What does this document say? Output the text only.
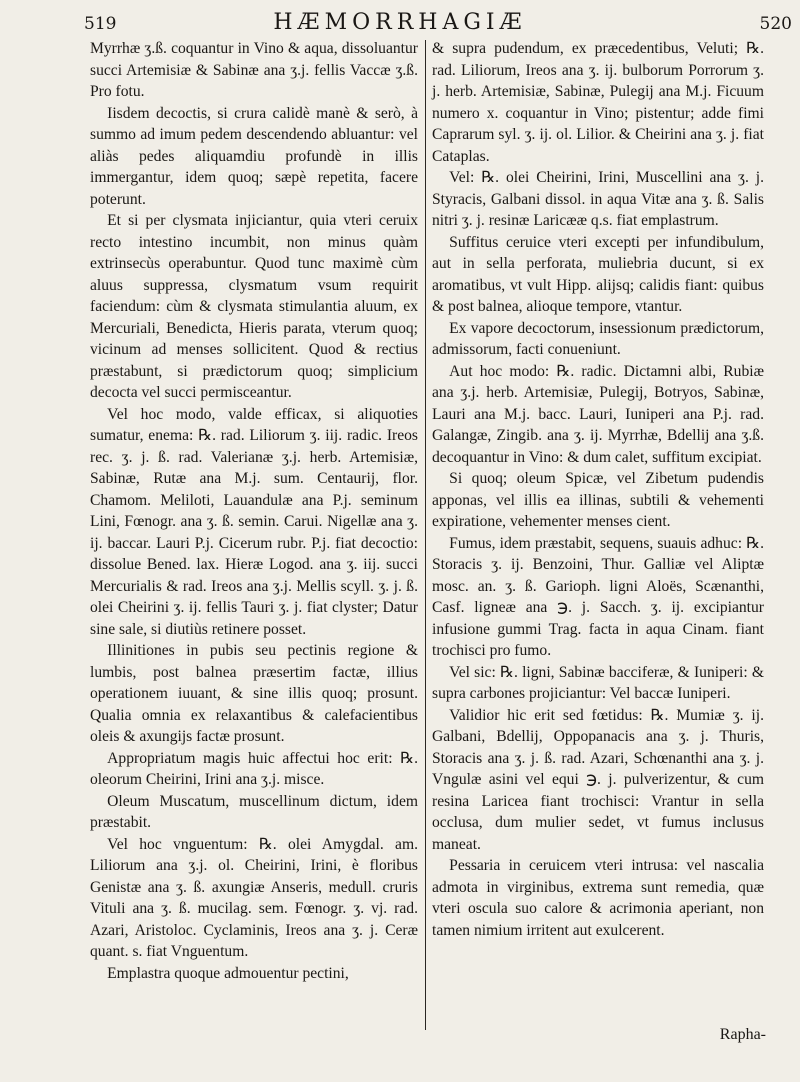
519	HÆMORRHAGIÆ	520

Myrrhæ ʒ.ß. coquantur in Vino & aqua, dissoluantur succi Artemisiæ & Sabinæ ana ʒ.j. fellis Vaccæ ʒ.ß. Pro fotu.

Iisdem decoctis, si crura calidè manè & serò, à summo ad imum pedem descendendo abluantur: vel aliàs pedes aliquamdiu profundè in illis immergantur, idem quoq; sæpè repetita, facere poterunt.

Et si per clysmata injiciantur, quia vteri ceruix recto intestino incumbit, non minus quàm extrinsecùs operabuntur. Quod tunc maximè cùm aluus suppressa, clysmatum vsum requirit faciendum: cùm & clysmata stimulantia aluum, ex Mercuriali, Benedicta, Hieris parata, vterum quoq; vicinum ad menses sollicitent. Quod & rectius præstabunt, si prædictorum quoq; simplicium decocta vel succi permisceantur.

Vel hoc modo, valde efficax, si aliquoties sumatur, enema: ℞. rad. Liliorum ʒ. iij. radic. Ireos rec. ʒ. j. ß. rad. Valerianæ ʒ.j. herb. Artemisiæ, Sabinæ, Rutæ ana M.j. sum. Centaurij, flor. Chamom. Meliloti, Lauandulæ ana P.j. seminum Lini, Fœnogr. ana ʒ. ß. semin. Carui. Nigellæ ana ʒ. ij. baccar. Lauri P.j. Cicerum rubr. P.j. fiat decoctio: dissolue Bened. lax. Hieræ Logod. ana ʒ. iij. succi Mercurialis & rad. Ireos ana ʒ.j. Mellis scyll. ʒ. j. ß. olei Cheirini ʒ. ij. fellis Tauri ʒ. j. fiat clyster; Datur sine sale, si diutiùs retinere posset.

Illinitiones in pubis seu pectinis regione & lumbis, post balnea præsertim factæ, illius operationem iuuant, & sine illis quoq; prosunt. Qualia omnia ex relaxantibus & calefacientibus oleis & axungijs factæ prosunt.

Appropriatum magis huic affectui hoc erit: ℞. oleorum Cheirini, Irini ana ʒ.j. misce.

Oleum Muscatum, muscellinum dictum, idem præstabit.

Vel hoc vnguentum: ℞. olei Amygdal. am. Liliorum ana ʒ.j. ol. Cheirini, Irini, è floribus Genistæ ana ʒ. ß. axungiæ Anseris, medull. cruris Vituli ana ʒ. ß. mucilag. sem. Fœnogr. ʒ. vj. rad. Azari, Aristoloc. Cyclaminis, Ireos ana ʒ. j. Ceræ quant. s. fiat Vnguentum.

Emplastra quoque admouentur pectini,

& supra pudendum, ex præcedentibus, Veluti; ℞. rad. Liliorum, Ireos ana ʒ. ij. bulborum Porrorum ʒ. j. herb. Artemisiæ, Sabinæ, Pulegij ana M.j. Ficuum numero x. coquantur in Vino; pistentur; adde fimi Caprarum syl. ʒ. ij. ol. Lilior. & Cheirini ana ʒ. j. fiat Cataplas.

Vel: ℞. olei Cheirini, Irini, Muscellini ana ʒ. j. Styracis, Galbani dissol. in aqua Vitæ ana ʒ. ß. Salis nitri ʒ. j. resinæ Laricææ q.s. fiat emplastrum.

Suffitus ceruice vteri excepti per infundibulum, aut in sella perforata, muliebria ducunt, si ex aromatibus, vt vult Hipp. alijsq; calidis fiant: quibus & post balnea, alioque tempore, vtantur.

Ex vapore decoctorum, insessionum prædictorum, admissorum, facti conueniunt.

Aut hoc modo: ℞. radic. Dictamni albi, Rubiæ ana ʒ.j. herb. Artemisiæ, Pulegij, Botryos, Sabinæ, Lauri ana M.j. bacc. Lauri, Iuniperi ana P.j. rad. Galangæ, Zingib. ana ʒ. ij. Myrrhæ, Bdellij ana ʒ.ß. decoquantur in Vino: & dum calet, suffitum excipiat.

Si quoq; oleum Spicæ, vel Zibetum pudendis apponas, vel illis ea illinas, subtili & vehementi expiratione, vehementer menses cient.

Fumus, idem præstabit, sequens, suauis adhuc: ℞. Storacis ʒ. ij. Benzoini, Thur. Galliæ vel Aliptæ mosc. an. ʒ. ß. Garioph. ligni Aloës, Scænanthi, Casf. ligneæ ana ℈. j. Sacch. ʒ. ij. excipiantur infusione gummi Trag. facta in aqua Cinam. fiant trochisci pro fumo.

Vel sic: ℞. ligni, Sabinæ bacciferæ, & Iuniperi: & supra carbones projiciantur: Vel baccæ Iuniperi.

Validior hic erit sed fœtidus: ℞. Mumiæ ʒ. ij. Galbani, Bdellij, Oppopanacis ana ʒ. j. Thuris, Storacis ana ʒ. j. ß. rad. Azari, Schœnanthi ana ʒ. j. Vngulæ asini vel equi ℈. j. pulverizentur, & cum resina Laricea fiant trochisci: Vrantur in sella occlusa, dum mulier sedet, vt fumus inclusus maneat.

Pessaria in ceruicem vteri intrusa: vel nascalia admota in virginibus, extrema sunt remedia, quæ vteri oscula suo calore & acrimonia aperiant, non tamen nimium irritent aut exulcerent.

Rapha-
